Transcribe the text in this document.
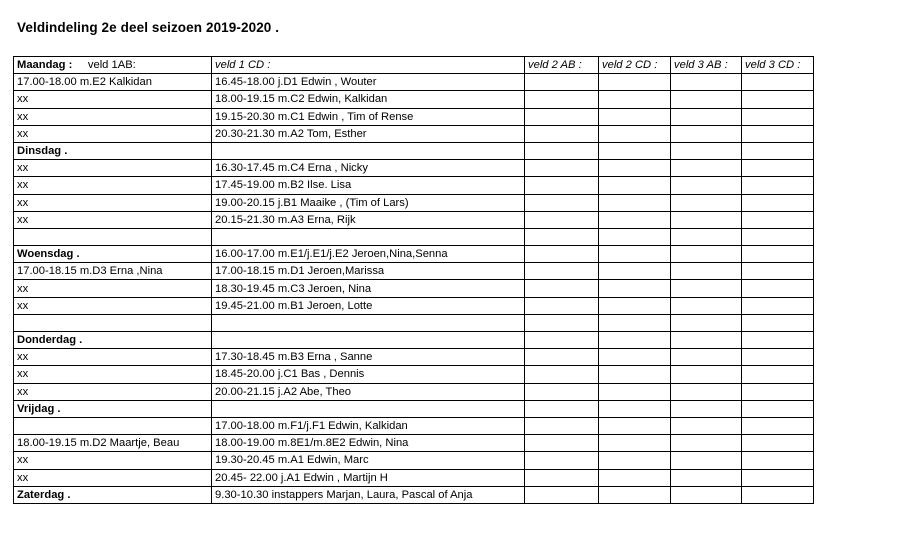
Veldindeling 2e deel seizoen 2019-2020 .
Maandag : veld 1AB:	veld 1 CD :	veld 2 AB :	veld 2 CD :	veld 3 AB :	veld 3 CD :
17.00-18.00 m.E2 Kalkidan	16.45-18.00 j.D1 Edwin , Wouter				
xx	18.00-19.15 m.C2 Edwin, Kalkidan				
xx	19.15-20.30 m.C1 Edwin , Tim of Rense				
xx	20.30-21.30 m.A2 Tom, Esther				
Dinsdag .					
xx	16.30-17.45 m.C4 Erna , Nicky				
xx	17.45-19.00 m.B2 Ilse. Lisa				
xx	19.00-20.15 j.B1 Maaike , (Tim of Lars)				
xx	20.15-21.30 m.A3 Erna, Rijk				

Woensdag .	16.00-17.00 m.E1/j.E1/j.E2 Jeroen,Nina,Senna				
17.00-18.15 m.D3 Erna ,Nina	17.00-18.15 m.D1 Jeroen,Marissa				
xx	18.30-19.45 m.C3 Jeroen, Nina				
xx	19.45-21.00 m.B1 Jeroen, Lotte				

Donderdag .					
xx	17.30-18.45 m.B3 Erna , Sanne				
xx	18.45-20.00 j.C1 Bas , Dennis				
xx	20.00-21.15 j.A2 Abe, Theo				
Vrijdag .					
	17.00-18.00 m.F1/j.F1 Edwin, Kalkidan				
18.00-19.15 m.D2 Maartje, Beau	18.00-19.00 m.8E1/m.8E2 Edwin, Nina				
xx	19.30-20.45 m.A1 Edwin, Marc				
xx	20.45- 22.00 j.A1 Edwin , Martijn H				
Zaterdag .	9.30-10.30 instappers Marjan, Laura, Pascal of Anja				
